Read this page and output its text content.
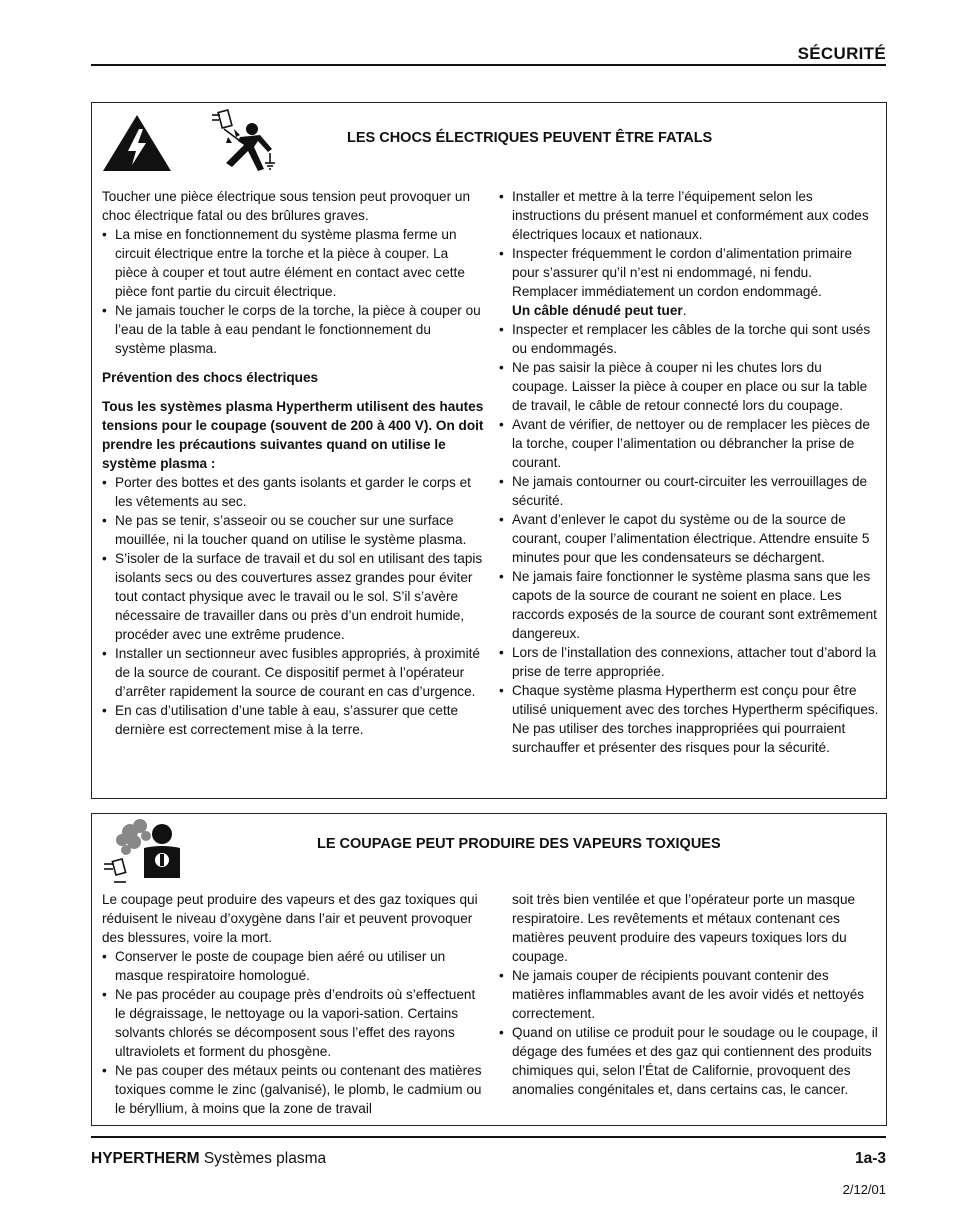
SÉCURITÉ
LES CHOCS ÉLECTRIQUES PEUVENT ÊTRE FATALS

Toucher une pièce électrique sous tension peut provoquer un choc électrique fatal ou des brûlures graves.

• La mise en fonctionnement du système plasma ferme un circuit électrique entre la torche et la pièce à couper. La pièce à couper et tout autre élément en contact avec cette pièce font partie du circuit électrique.
• Ne jamais toucher le corps de la torche, la pièce à couper ou l’eau de la table à eau pendant le fonctionnement du système plasma.

Prévention des chocs électriques

Tous les systèmes plasma Hypertherm utilisent des hautes tensions pour le coupage (souvent de 200 à 400 V). On doit prendre les précautions suivantes quand on utilise le système plasma :

• Porter des bottes et des gants isolants et garder le corps et les vêtements au sec.
• Ne pas se tenir, s’asseoir ou se coucher sur une surface mouillée, ni la toucher quand on utilise le système plasma.
• S’isoler de la surface de travail et du sol en utilisant des tapis isolants secs ou des couvertures assez grandes pour éviter tout contact physique avec le travail ou le sol. S’il s’avère nécessaire de travailler dans ou près d’un endroit humide, procéder avec une extrême prudence.
• Installer un sectionneur avec fusibles appropriés, à proximité de la source de courant. Ce dispositif permet à l’opérateur d’arrêter rapidement la source de courant en cas d’urgence.
• En cas d’utilisation d’une table à eau, s’assurer que cette dernière est correctement mise à la terre.
• Installer et mettre à la terre l’équipement selon les instructions du présent manuel et conformément aux codes électriques locaux et nationaux.
• Inspecter fréquemment le cordon d’alimentation primaire pour s’assurer qu’il n’est ni endommagé, ni fendu. Remplacer immédiatement un cordon endommagé.
Un câble dénudé peut tuer.
• Inspecter et remplacer les câbles de la torche qui sont usés ou endommagés.
• Ne pas saisir la pièce à couper ni les chutes lors du coupage. Laisser la pièce à couper en place ou sur la table de travail, le câble de retour connecté lors du coupage.
• Avant de vérifier, de nettoyer ou de remplacer les pièces de la torche, couper l’alimentation ou débrancher la prise de courant.
• Ne jamais contourner ou court-circuiter les verrouillages de sécurité.
• Avant d’enlever le capot du système ou de la source de courant, couper l’alimentation électrique. Attendre ensuite 5 minutes pour que les condensateurs se déchargent.
• Ne jamais faire fonctionner le système plasma sans que les capots de la source de courant ne soient en place. Les raccords exposés de la source de courant sont extrêmement dangereux.
• Lors de l’installation des connexions, attacher tout d’abord la prise de terre appropriée.
• Chaque système plasma Hypertherm est conçu pour être utilisé uniquement avec des torches Hypertherm spécifiques. Ne pas utiliser des torches inappropriées qui pourraient surchauffer et présenter des risques pour la sécurité.
LE COUPAGE PEUT PRODUIRE DES VAPEURS TOXIQUES

Le coupage peut produire des vapeurs et des gaz toxiques qui réduisent le niveau d’oxygène dans l’air et peuvent provoquer des blessures, voire la mort.

• Conserver le poste de coupage bien aéré ou utiliser un masque respiratoire homologué.
• Ne pas procéder au coupage près d’endroits où s’effectuent le dégraissage, le nettoyage ou la vapori-sation. Certains solvants chlorés se décomposent sous l’effet des rayons ultraviolets et forment du phosgène.
• Ne pas couper des métaux peints ou contenant des matières toxiques comme le zinc (galvanisé), le plomb, le cadmium ou le béryllium, à moins que la zone de travail

soit très bien ventilée et que l’opérateur porte un masque respiratoire. Les revêtements et métaux contenant ces matières peuvent produire des vapeurs toxiques lors du coupage.

• Ne jamais couper de récipients pouvant contenir des matières inflammables avant de les avoir vidés et nettoyés correctement.
• Quand on utilise ce produit pour le soudage ou le coupage, il dégage des fumées et des gaz qui contiennent des produits chimiques qui, selon l’État de Californie, provoquent des anomalies congénitales et, dans certains cas, le cancer.
HYPERTHERM Systèmes plasma	1a-3
2/12/01
